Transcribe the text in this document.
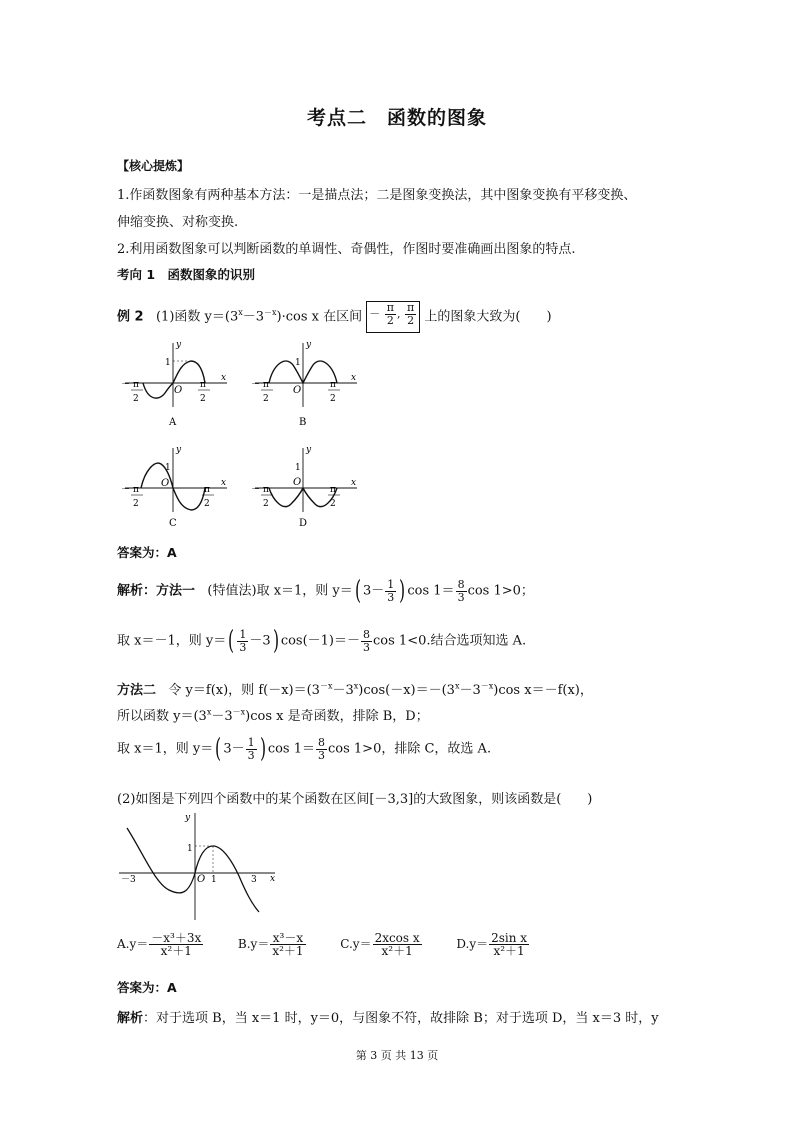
考点二　函数的图象
【核心提炼】
1.作函数图象有两种基本方法：一是描点法；二是图象变换法，其中图象变换有平移变换、
伸缩变换、对称变换.
2.利用函数图象可以判断函数的单调性、奇偶性，作图时要准确画出图象的特点.
考向 1　函数图象的识别
例 2 (1)函数 $y=(3^x-3^{-x})\cdot\cos$ x 在区间 － $\frac{\pi}{2}$ , $\frac{\pi}{2}$ 上的图象大致为(　　)
y
x
1
O
－ π
2
π
2
A
y
x
1
O
－ π
2
π
2
B
y
x
1
O
－ π
2
π
2
C
y
x
1
O
－ π
2
π
2
D
答案为：A
解析：方法一 (特值法)取 x＝1，则 y＝( $3- \frac{1}{3}$ ) $\cos 1= \frac{8}{3}$ cos 1>0；
取 x＝－1，则 $y=( \frac{1}{3} -3)$ $\cos(-1)=- \frac{8}{3}$ cos 1<0.结合选项知选 A.
方法二 令 y＝f(x)，则 $f(-x)=(3^{-x}-3^x)\cos(-x)=-(3^x-3^{-x})\cos$ x＝－f(x)，
所以函数 $y=(3^x-3^{-x})\cos$ x 是奇函数，排除 B，D；
取 x＝1，则 y＝( $3- \frac{1}{3}$ ) $\cos 1= \frac{8}{3}$ cos 1>0，排除 C，故选 A.
(2)如图是下列四个函数中的某个函数在区间[－3,3]的大致图象，则该函数是(　　)
y
x
1
O 1	3
－3
$A.y= \frac{\text{－x³＋3x}}{\text{x²＋1}}$	$B.y= \frac{\text{x³－x}}{\text{x²＋1}}$	$C.y= \frac{\text{2xcos x}}{\text{x²＋1}}$	$D.y= \frac{\text{2sin x}}{\text{x²＋1}}$
答案为：A
解析：对于选项 B，当 x＝1 时，y＝0，与图象不符，故排除 B；对于选项 D，当 x＝3 时，y
第 3 页 共 13 页
